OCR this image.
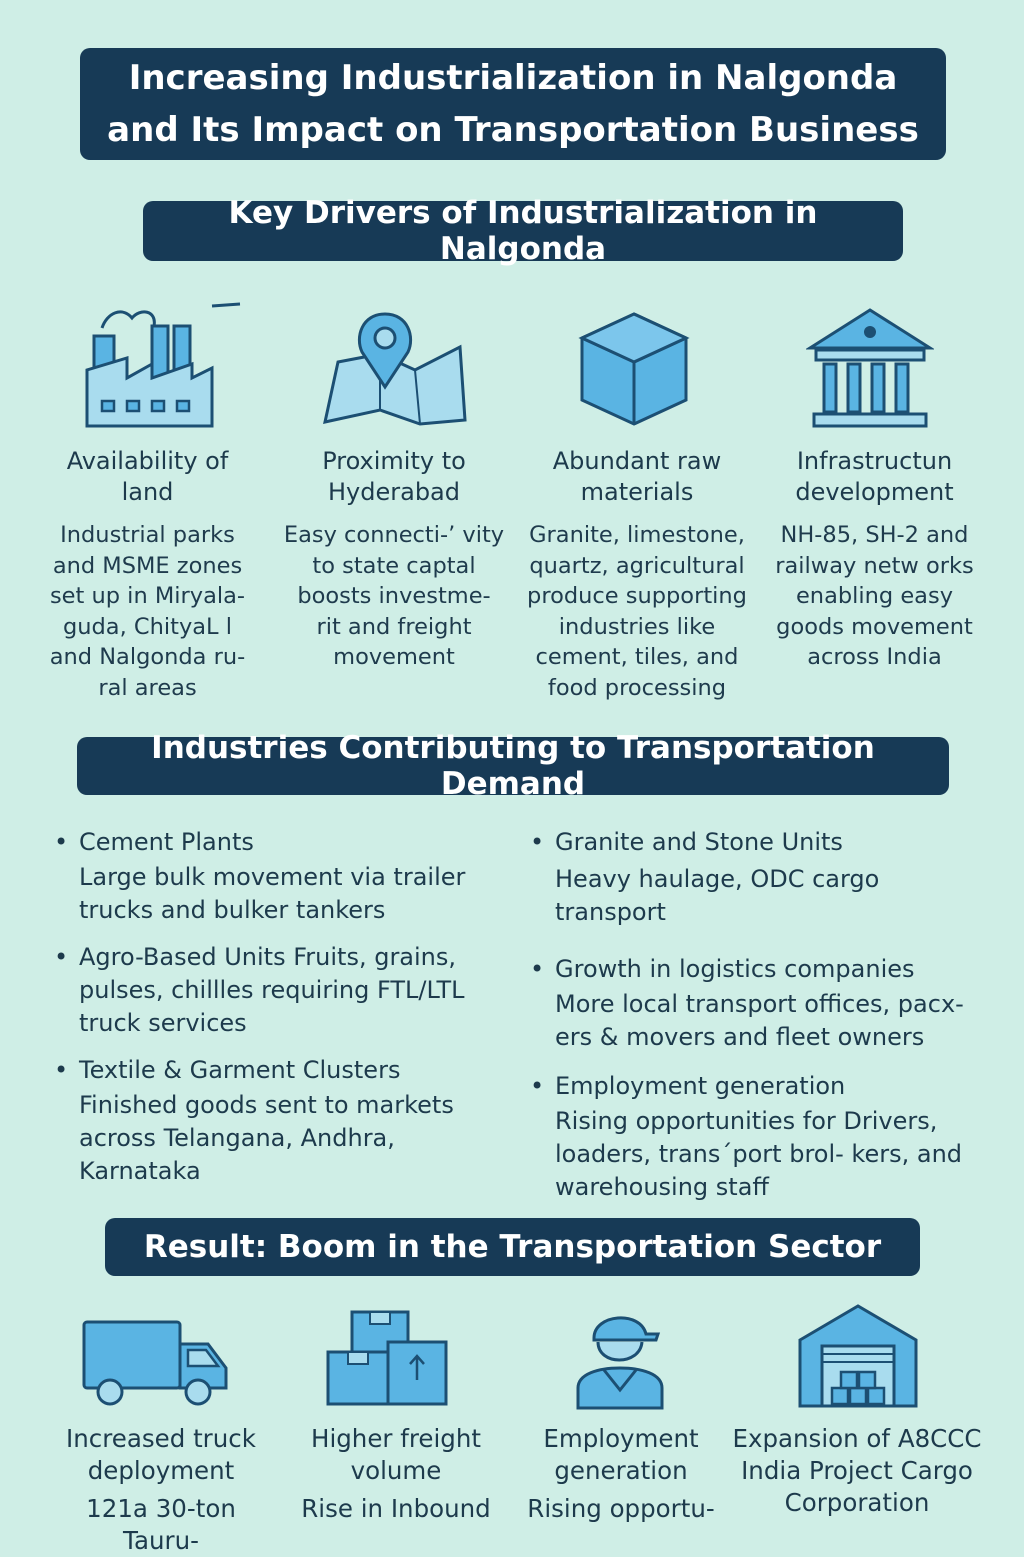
Increasing Industrialization in Nalgonda and Its Impact on Transportation Business
Key Drivers of Industrialization in Nalgonda
Availability of land
Industrial parks and MSME zones set up in Miryala- guda, ChityaL l and Nalgonda ru- ral areas
Proximity to Hyderabad
Easy connecti-’ vity to state captal boosts investme- rit and freight movement
Abundant raw materials
Granite, limestone, quartz, agricultural produce supporting industries like cement, tiles, and food processing
Infrastructun development
NH-85, SH-2 and railway netw orks enabling easy goods movement across India
Industries Contributing to Transportation Demand
• Cement Plants
Large bulk movement via trailer trucks and bulker tankers
• Agro-Based Units Fruits, grains, pulses, chillles requiring FTL/LTL truck services
• Textile & Garment Clusters
Finished goods sent to markets across Telangana, Andhra, Karnataka
• Granite and Stone Units
Heavy haulage, ODC cargo transport
• Growth in logistics companies
More local transport offices, pacx- ers & movers and fleet owners
• Employment generation
Rising opportunities for Drivers, loaders, trans´port brol- kers, and warehousing staff
Result: Boom in the Transportation Sector
Increased truck deployment
121a 30-ton Tauru-
Higher freight volume
Rise in Inbound
Employment generation
Rising opportu-
Expansion of A8CCC India Project Cargo Corporation
